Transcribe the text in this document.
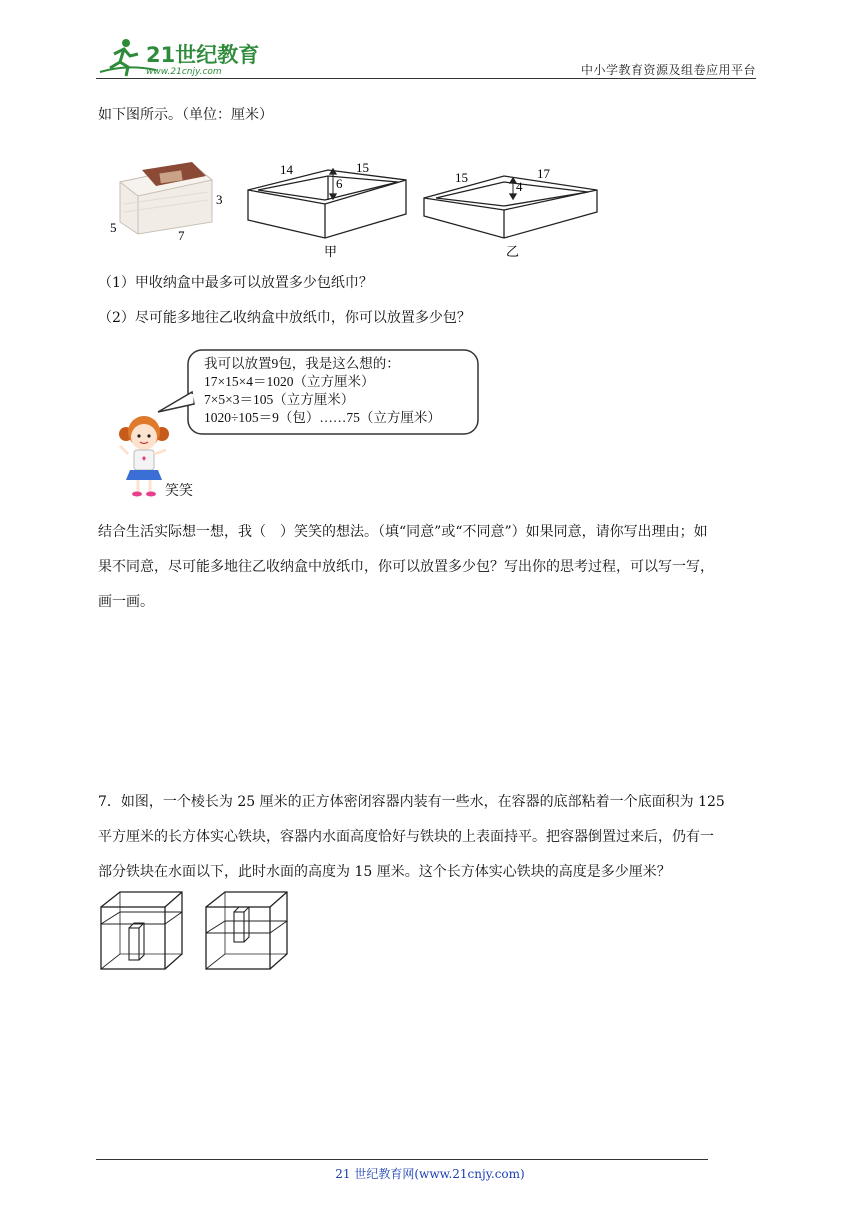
21世纪教育
www.21cnjy.com	中小学教育资源及组卷应用平台
如下图所示。（单位：厘米）
3
5
7
14	15
6
甲
15	17
4
乙
（1）甲收纳盒中最多可以放置多少包纸巾？
（2）尽可能多地往乙收纳盒中放纸巾，你可以放置多少包？
我可以放置9包，我是这么想的：
17×15×4＝1020（立方厘米）
7×5×3＝105（立方厘米）
1020÷105＝9（包）……75（立方厘米）
笑笑
结合生活实际想一想，我（　）笑笑的想法。（填“同意”或“不同意”）如果同意，请你写出理由；如
果不同意，尽可能多地往乙收纳盒中放纸巾，你可以放置多少包？写出你的思考过程，可以写一写，
画一画。
7．如图，一个棱长为 25 厘米的正方体密闭容器内装有一些水，在容器的底部粘着一个底面积为 125
平方厘米的长方体实心铁块，容器内水面高度恰好与铁块的上表面持平。把容器倒置过来后，仍有一
部分铁块在水面以下，此时水面的高度为 15 厘米。这个长方体实心铁块的高度是多少厘米？
21 世纪教育网(www.21cnjy.com)
